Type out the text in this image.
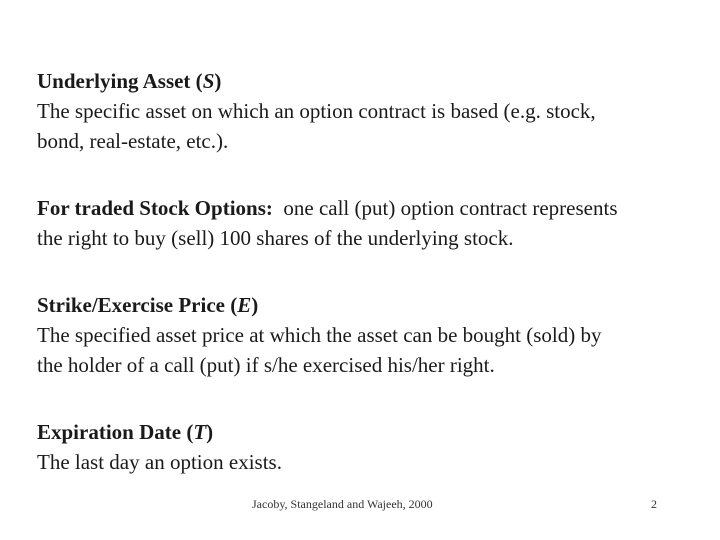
Underlying Asset (S)
The specific asset on which an option contract is based (e.g. stock,
bond, real-estate, etc.).
For traded Stock Options: one call (put) option contract represents
the right to buy (sell) 100 shares of the underlying stock.
Strike/Exercise Price (E)
The specified asset price at which the asset can be bought (sold) by
the holder of a call (put) if s/he exercised his/her right.
Expiration Date (T)
The last day an option exists.
Jacoby, Stangeland and Wajeeh, 2000	2
